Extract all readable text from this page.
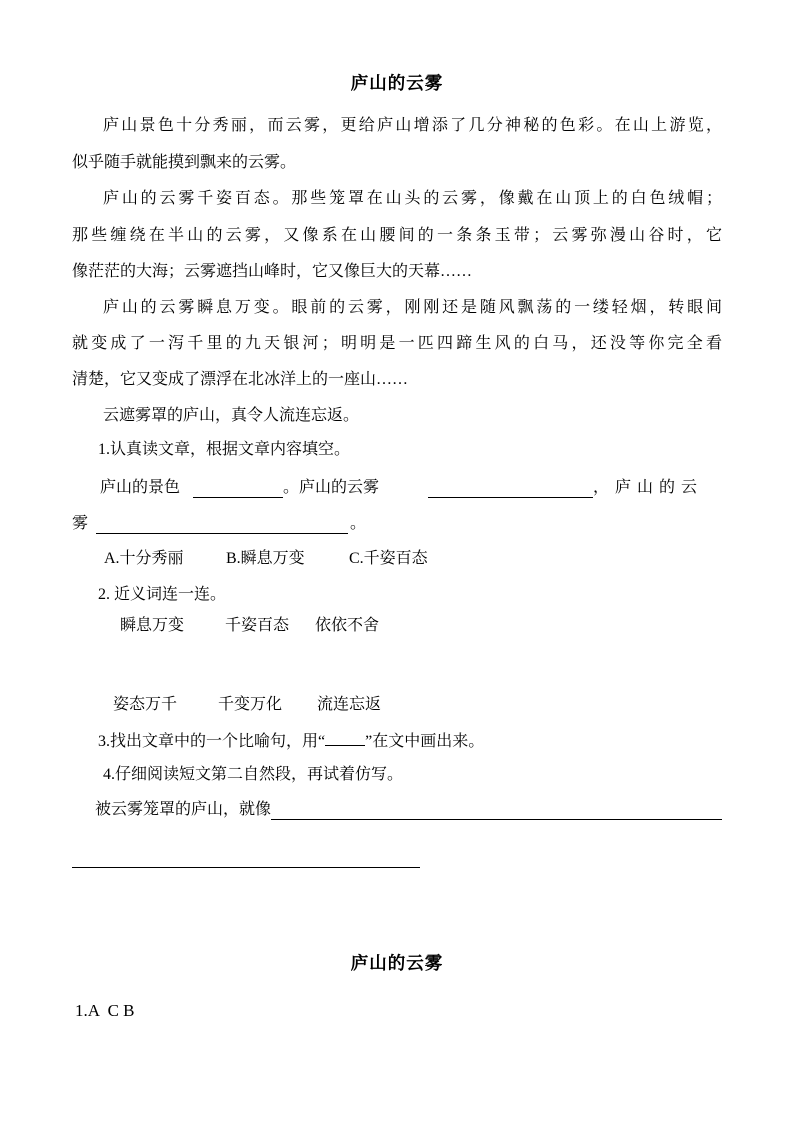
庐山的云雾
庐山景色十分秀丽，而云雾，更给庐山增添了几分神秘的色彩。在山上游览，
似乎随手就能摸到飘来的云雾。
庐山的云雾千姿百态。那些笼罩在山头的云雾，像戴在山顶上的白色绒帽；
那些缠绕在半山的云雾，又像系在山腰间的一条条玉带；云雾弥漫山谷时，它
像茫茫的大海；云雾遮挡山峰时，它又像巨大的天幕……
庐山的云雾瞬息万变。眼前的云雾，刚刚还是随风飘荡的一缕轻烟，转眼间
就变成了一泻千里的九天银河；明明是一匹四蹄生风的白马，还没等你完全看
清楚，它又变成了漂浮在北冰洋上的一座山……
云遮雾罩的庐山，真令人流连忘返。
1.认真读文章，根据文章内容填空。
庐山的景色	。庐山的云雾	，庐山的云
雾	。
A.十分秀丽	B.瞬息万变	C.千姿百态
2. 近义词连一连。
瞬息万变	千姿百态 依依不舍
姿态万千	千变万化 流连忘返
3.找出文章中的一个比喻句，用“	”在文中画出来。
4.仔细阅读短文第二自然段，再试着仿写。
被云雾笼罩的庐山，就像
庐山的云雾
1.A  C B
